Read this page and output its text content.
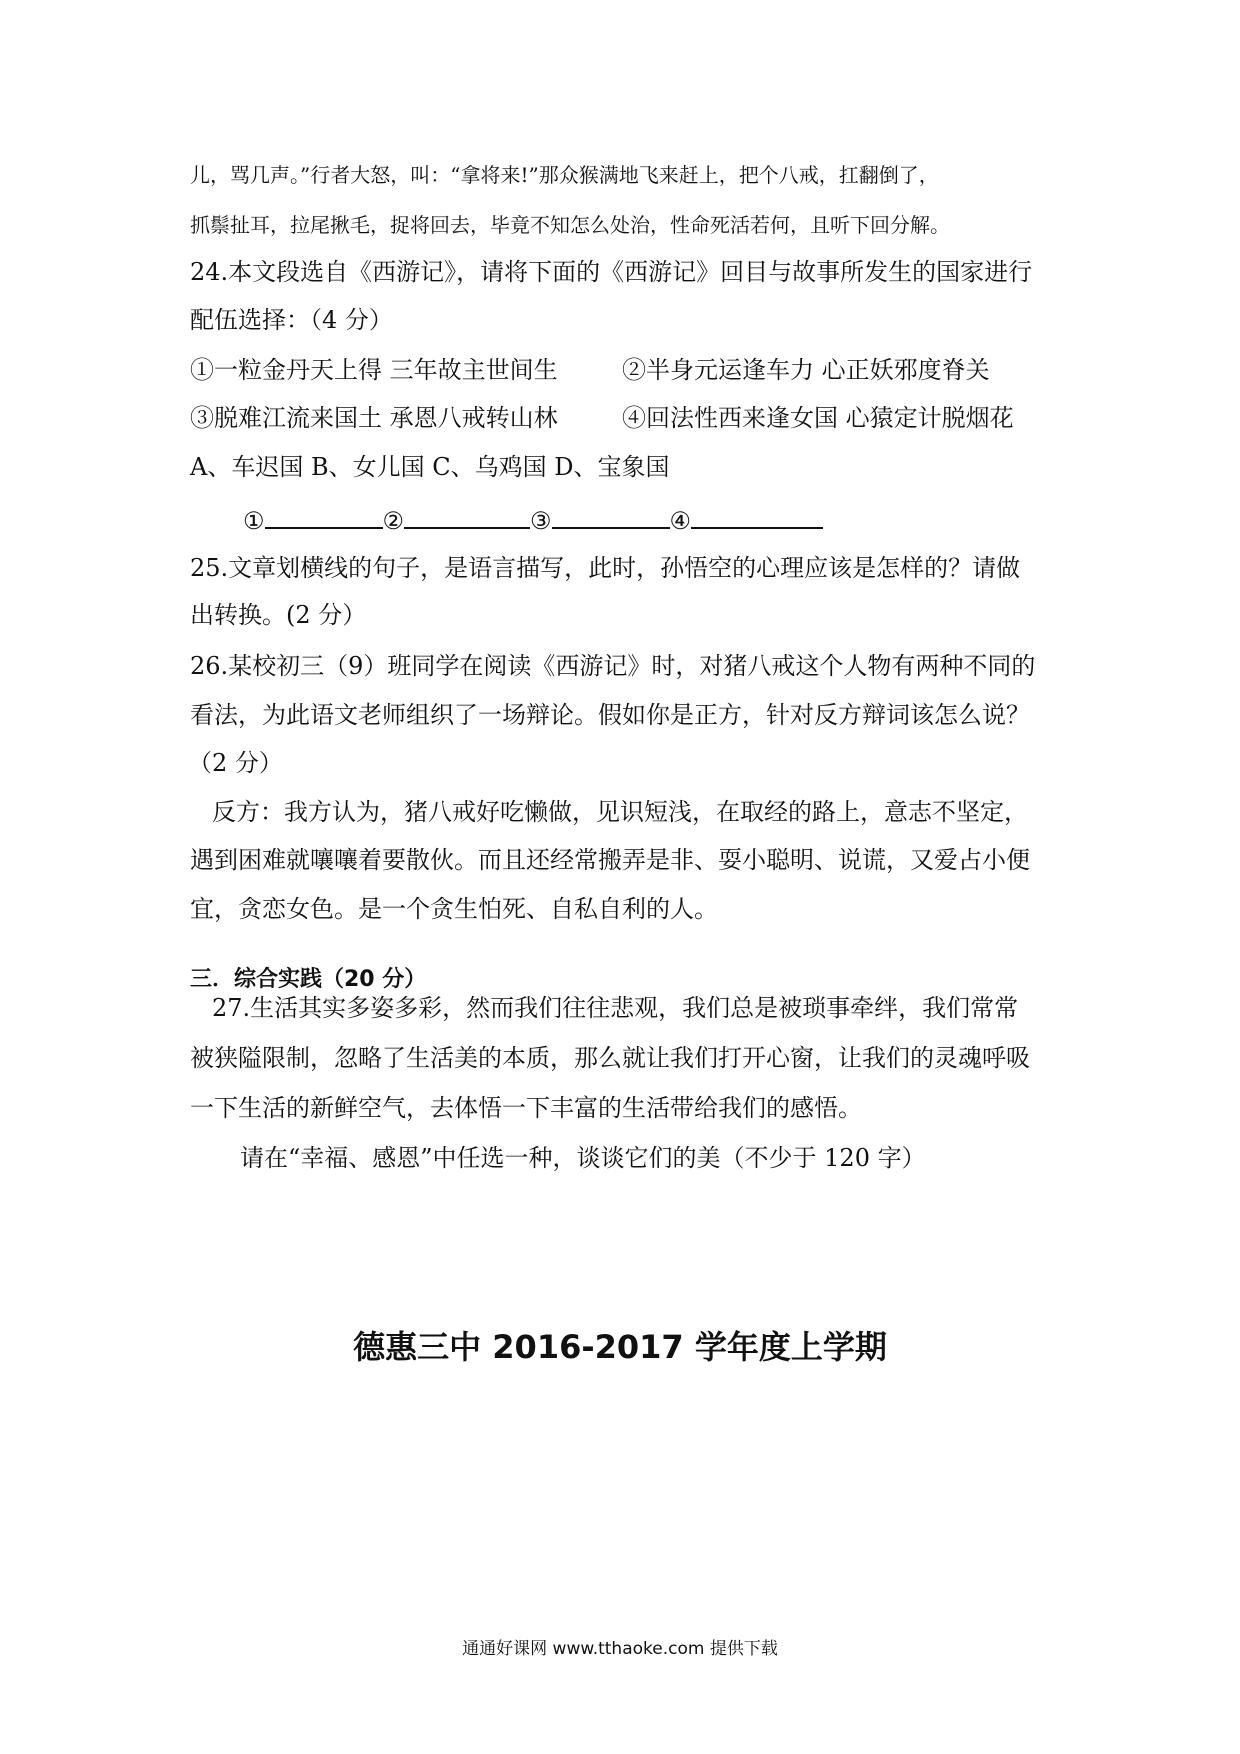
儿，骂几声。”行者大怒，叫：“拿将来!”那众猴满地飞来赶上，把个八戒，扛翻倒了，
抓鬃扯耳，拉尾揪毛，捉将回去，毕竟不知怎么处治，性命死活若何，且听下回分解。
24.本文段选自《西游记》，请将下面的《西游记》回目与故事所发生的国家进行
配伍选择：（4 分）
①一粒金丹天上得 三年故主世间生	②半身元运逢车力 心正妖邪度脊关
③脱难江流来国土 承恩八戒转山林	④回法性西来逢女国 心猿定计脱烟花
A、车迟国 B、女儿国 C、乌鸡国 D、宝象国
①	②	③	④
25.文章划横线的句子，是语言描写，此时，孙悟空的心理应该是怎样的？请做
出转换。(2 分）
26.某校初三（9）班同学在阅读《西游记》时，对猪八戒这个人物有两种不同的
看法，为此语文老师组织了一场辩论。假如你是正方，针对反方辩词该怎么说？
（2 分）
反方：我方认为，猪八戒好吃懒做，见识短浅，在取经的路上，意志不坚定，
遇到困难就嚷嚷着要散伙。而且还经常搬弄是非、耍小聪明、说谎，又爱占小便
宜，贪恋女色。是一个贪生怕死、自私自利的人。
三．综合实践（20 分）
27.生活其实多姿多彩，然而我们往往悲观，我们总是被琐事牵绊，我们常常
被狭隘限制，忽略了生活美的本质，那么就让我们打开心窗，让我们的灵魂呼吸
一下生活的新鲜空气，去体悟一下丰富的生活带给我们的感悟。
请在“幸福、感恩”中任选一种，谈谈它们的美（不少于 120 字）
德惠三中 2016-2017 学年度上学期
通通好课网 www.tthaoke.com 提供下载
